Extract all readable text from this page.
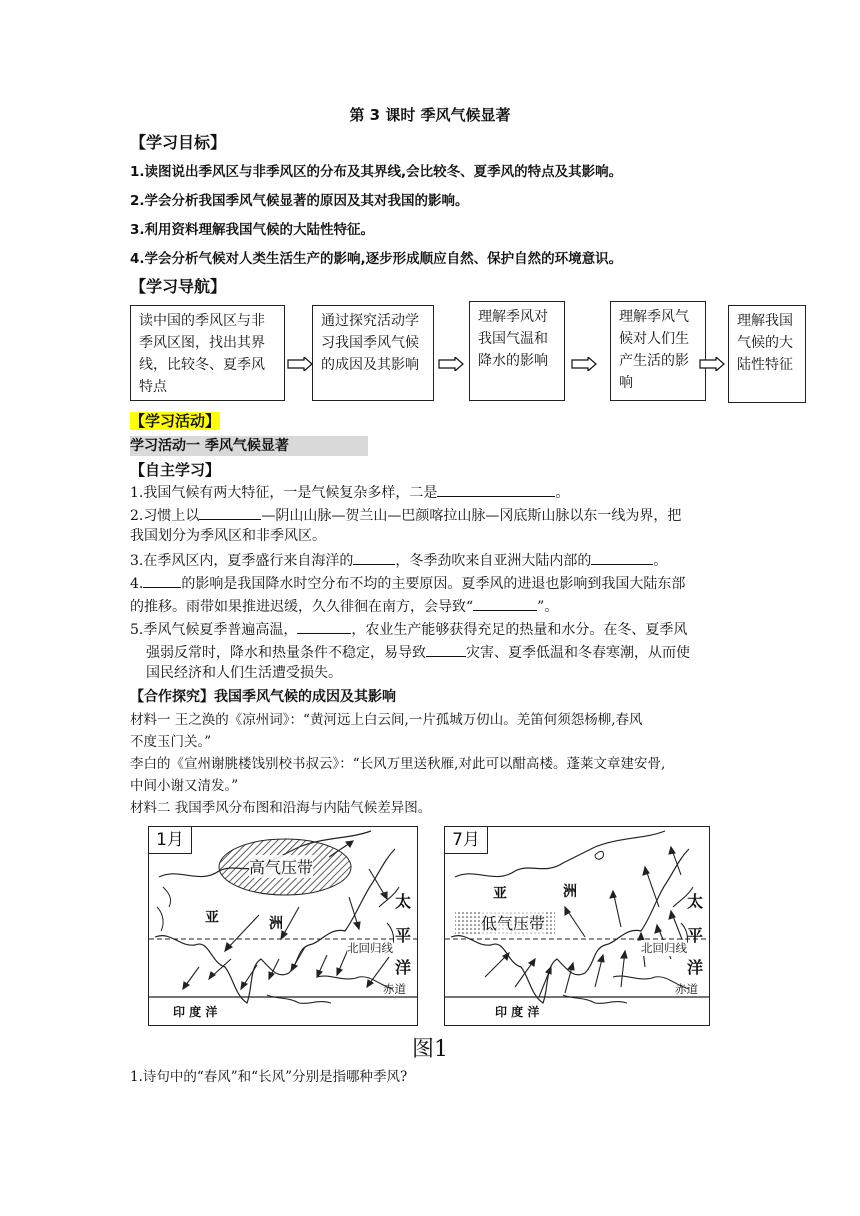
第 3 课时 季风气候显著
【学习目标】
1.读图说出季风区与非季风区的分布及其界线,会比较冬、夏季风的特点及其影响。
2.学会分析我国季风气候显著的原因及其对我国的影响。
3.利用资料理解我国气候的大陆性特征。
4.学会分析气候对人类生活生产的影响,逐步形成顺应自然、保护自然的环境意识。
【学习导航】
读中国的季风区与非季风区图，找出其界线，比较冬、夏季风特点
通过探究活动学习我国季风气候的成因及其影响
理解季风对我国气温和降水的影响
理解季风气候对人们生产生活的影响
理解我国气候的大陆性特征
【学习活动】
学习活动一 季风气候显著
【自主学习】
1.我国气候有两大特征，一是气候复杂多样，二是	。
2.习惯上以	—阴山山脉—贺兰山—巴颜喀拉山脉—冈底斯山脉以东一线为界，把
我国划分为季风区和非季风区。
3.在季风区内，夏季盛行来自海洋的	，冬季劲吹来自亚洲大陆内部的	。
4.	的影响是我国降水时空分布不均的主要原因。夏季风的进退也影响到我国大陆东部
的推移。雨带如果推进迟缓，久久徘徊在南方，会导致“	”。
5.季风气候夏季普遍高温，	，农业生产能够获得充足的热量和水分。在冬、夏季风
强弱反常时，降水和热量条件不稳定，易导致	灾害、夏季低温和冬春寒潮，从而使
国民经济和人们生活遭受损失。
【合作探究】我国季风气候的成因及其影响
材料一 王之涣的《凉州词》：“黄河远上白云间,一片孤城万仞山。羌笛何须怨杨柳,春风
不度玉门关。”
李白的《宣州谢朓楼饯别校书叔云》：“长风万里送秋雁,对此可以酣高楼。蓬莱文章建安骨,
中间小谢又清发。”
材料二 我国季风分布图和沿海与内陆气候差异图。
1月
高气压带
亚	洲
太
平
洋
北回归线
赤道
印 度 洋
7月
低气压带
亚	洲	太
平
洋
北回归线
赤道
印 度 洋
图1
1.诗句中的“春风”和“长风”分别是指哪种季风?
